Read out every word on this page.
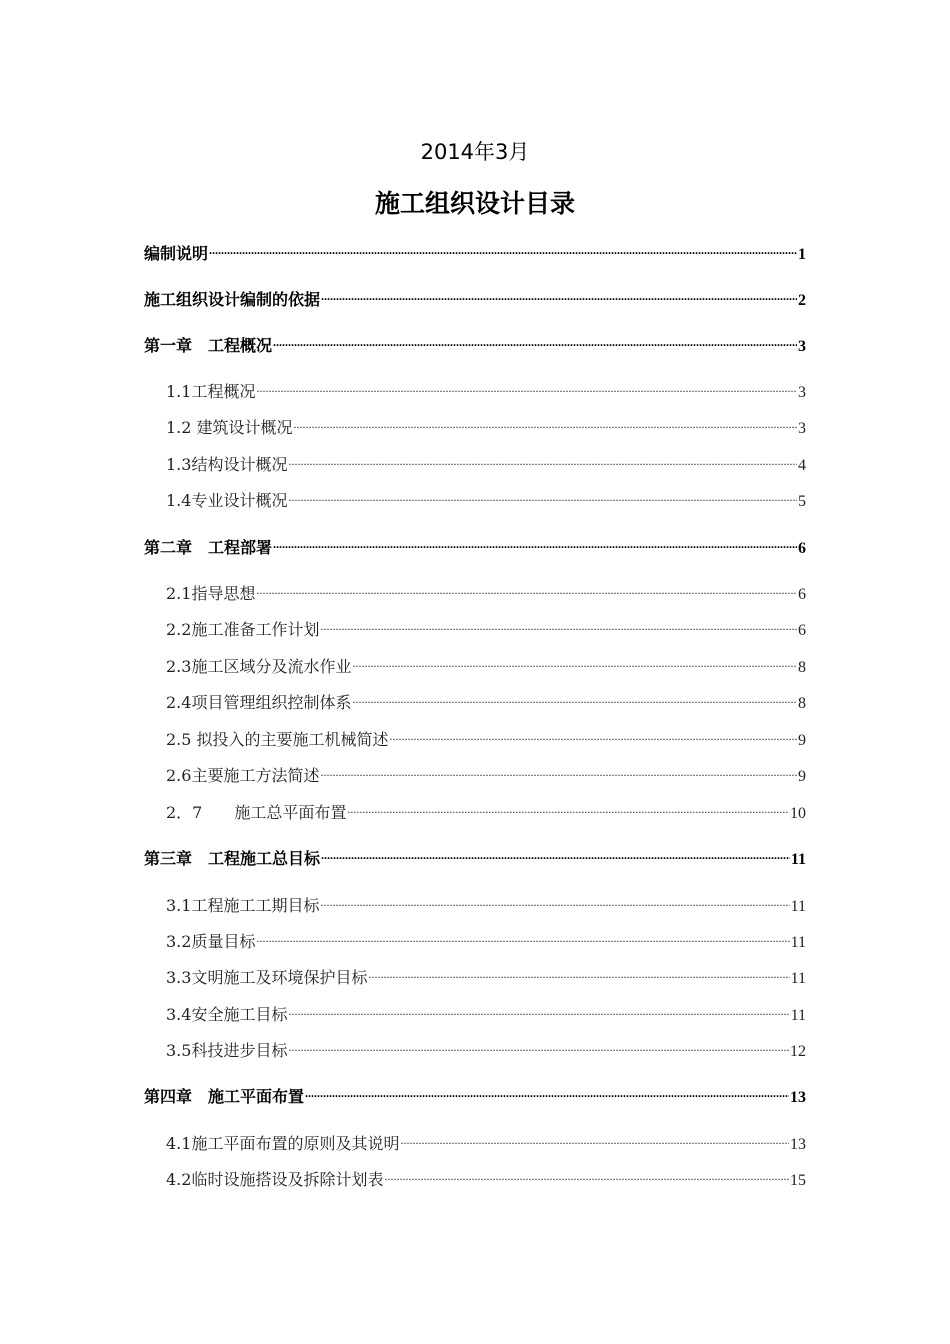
2014年3月
施工组织设计目录
编制说明 .....	1
施工组织设计编制的依据 .....	2
第一章　工程概况 .....	3
1.1工程概况 .....	3
1.2 建筑设计概况 .....	3
1.3结构设计概况 .....	4
1.4专业设计概况 .....	5
第二章　工程部署 .....	6
2.1指导思想 .....	6
2.2施工准备工作计划 .....	6
2.3施工区域分及流水作业 .....	8
2.4项目管理组织控制体系 .....	8
2.5 拟投入的主要施工机械简述 .....	9
2.6主要施工方法简述 .....	9
2．7　　施工总平面布置 .....	10
第三章　工程施工总目标 .....	11
3.1工程施工工期目标 .....	11
3.2质量目标 .....	11
3.3文明施工及环境保护目标 .....	11
3.4安全施工目标 .....	11
3.5科技进步目标 .....	12
第四章　施工平面布置 .....	13
4.1施工平面布置的原则及其说明 .....	13
4.2临时设施搭设及拆除计划表 .....	15
